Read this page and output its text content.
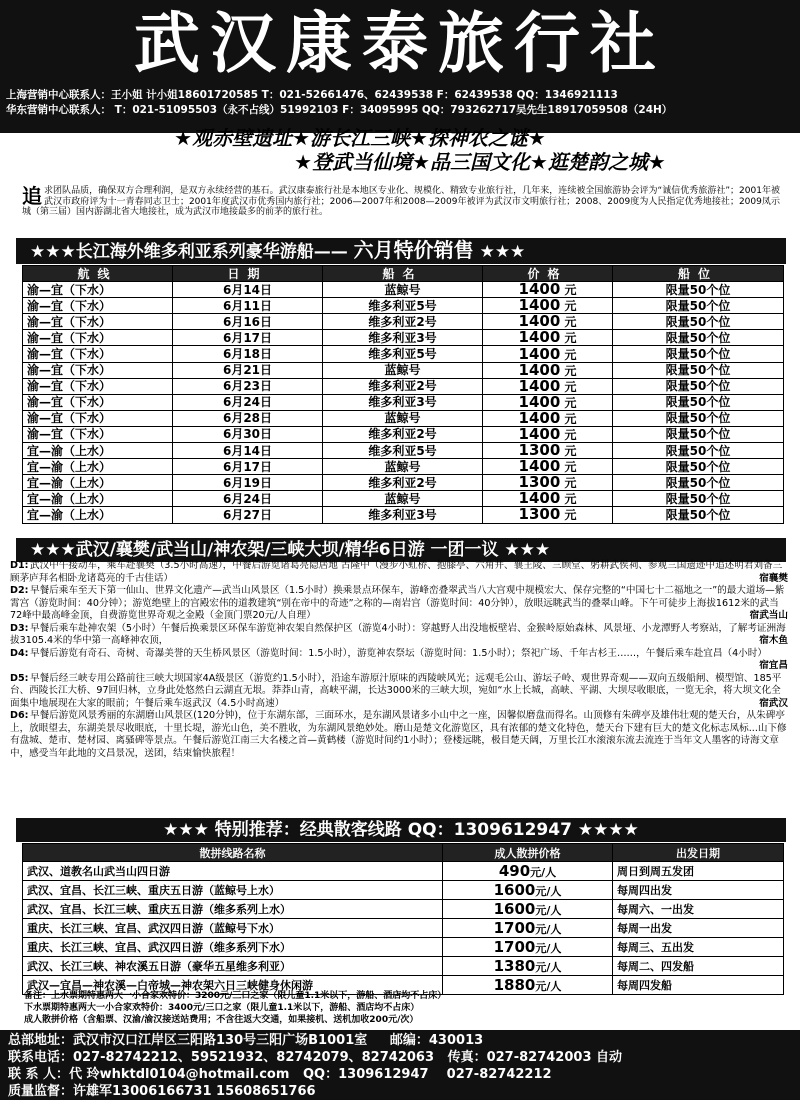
武汉康泰旅行社
上海营销中心联系人：王小姐 计小姐18601720585 T：021-52661476、62439538 F：62439538 QQ：1346921113
华东营销中心联系人： T：021-51095503（永不占线）51992103 F：34095995 QQ：793262717吴先生18917059508（24H）
★观赤壁遗址★游长江三峡★探神农之谜★
★登武当仙境★品三国文化★逛楚韵之城★
追求团队品质，确保双方合理利润，是双方永续经营的基石。武汉康泰旅行社是本地区专业化、规模化、精致专业旅行社，几年来，连续被全国旅游协会评为“诚信优秀旅游社”；2001年被武汉市政府评为十一青春同志卫士；2001年度武汉市优秀国内旅行社；2006—2007年和2008—2009年被评为武汉市文明旅行社；2008、2009度为人民指定优秀地接社；2009凤示城（第三届）国内游湖北省大地接社，成为武汉市地接最多的前茅的旅行社。
★★★长江海外维多利亚系列豪华游船—— 六月特价销售 ★★★
航线	日期	船名	价格	船位
渝—宜（下水）	6月14日	蓝鲸号	1400 元	限量50个位
渝—宜（下水）	6月11日	维多利亚5号	1400 元	限量50个位
渝—宜（下水）	6月16日	维多利亚2号	1400 元	限量50个位
渝—宜（下水）	6月17日	维多利亚3号	1400 元	限量50个位
渝—宜（下水）	6月18日	维多利亚5号	1400 元	限量50个位
渝—宜（下水）	6月21日	蓝鲸号	1400 元	限量50个位
渝—宜（下水）	6月23日	维多利亚2号	1400 元	限量50个位
渝—宜（下水）	6月24日	维多利亚3号	1400 元	限量50个位
渝—宜（下水）	6月28日	蓝鲸号	1400 元	限量50个位
渝—宜（下水）	6月30日	维多利亚2号	1400 元	限量50个位
宜—渝（上水）	6月14日	维多利亚5号	1300 元	限量50个位
宜—渝（上水）	6月17日	蓝鲸号	1400 元	限量50个位
宜—渝（上水）	6月19日	维多利亚2号	1300 元	限量50个位
宜—渝（上水）	6月24日	蓝鲸号	1400 元	限量50个位
宜—渝（上水）	6月27日	维多利亚3号	1300 元	限量50个位
★★★武汉/襄樊/武当山/神农架/三峡大坝/精华6日游 一团一议 ★★★
D1: 武汉中午接动车，乘车赴襄樊（3.5小时高速），中餐后游览诸葛亮隐居地 古隆中（漫步小虹桥、抱膝亭、六角井、襄王陵、三顾堂、躬耕武侯祠、参观三国遗迹中追述明君刘备三顾茅庐拜名相卧龙诸葛亮的千古佳话）	宿襄樊
D2: 早餐后乘车至天下第一仙山、世界文化遗产—武当山风景区（1.5小时）换乘景点环保车，游峰峦叠翠武当八大宫观中规模宏大、保存完整的“中国七十二福地之一”的最大道场—紫霄宫（游览时间：40分钟）；游览绝壁上的宫殿宏伟的道教建筑“别在帝中的奇迹”之称的—南岩宫（游览时间：40分钟），放眼远眺武当的叠翠山峰。下午可徒步上海拔1612米的武当72峰中最高峰金顶，自费游览世界奇观之金殿（金顶门票20元/人自理）	宿武当山
D3: 早餐后乘车赴神农架（5小时）午餐后换乘景区环保车游览神农架自然保护区（游览4小时）：穿越野人出没地板壁岩、金猴岭原始森林、风景垭、小龙潭野人考察站，了解考证洲海拔3105.4米的华中第一高峰神农顶，	宿木鱼
D4: 早餐后游览有奇石、奇树、奇瀑美誉的天生桥风景区（游览时间：1.5小时），游览神农祭坛（游览时间：1.5小时）；祭祀广场、千年古杉王……，午餐后乘车赴宜昌（4小时）
宿宜昌
D5: 早餐后经三峡专用公路前往三峡大坝国家4A级景区（游览约1.5小时），沿途车游原汁原味的西陵峡风光；远观毛公山、游坛子岭、观世界奇观——双向五级船闸、模型馆、185平台、西陵长江大桥、97回归林，立身此处悠然白云湖直无垠。莽莽山青，高峡平湖，长达3000米的三峡大坝，宛如“水上长城，高峡、平湖、大坝尽收眼底，一览无余，将大坝文化全面集中地展现在大家的眼前；午餐后乘车返武汉（4.5小时高速）	宿武汉
D6: 早餐后游览风景秀丽的东湖磨山风景区(120分钟)，位于东湖东部，三面环水，是东湖风景诸多小山中之一座，因馨似磨盘而得名。山顶修有朱碑亭及雄伟壮观的楚天台，从朱碑亭上，放眼望去，东湖美景尽收眼底，十里长堤，游光山色，美不胜收，为东湖风景绝妙处。磨山是楚文化游览区，具有浓郁的楚文化特色，楚天台下建有巨大的楚文化标志凤标...山下修有盘城、楚市、楚材园、离骚碑等景点。午餐后游览江南三大名楼之首—黄鹤楼（游览时间约1小时）；登楼远眺，极目楚天阔，万里长江水滚滚东流去流连于当年文人墨客的诗海文章中，感受当年此地的文昌景况，送团，结束愉快旅程！
★★★ 特别推荐：经典散客线路 QQ：1309612947 ★★★★
散拼线路名称	成人散拼价格	出发日期
武汉、道教名山武当山四日游	490元/人	周日到周五发团
武汉、宜昌、长江三峡、重庆五日游（蓝鲸号上水）	1600元/人	每周四出发
武汉、宜昌、长江三峡、重庆五日游（维多系列上水）	1600元/人	每周六、一出发
重庆、长江三峡、宜昌、武汉四日游（蓝鲸号下水）	1700元/人	每周一出发
重庆、长江三峡、宜昌、武汉四日游（维多系列下水）	1700元/人	每周三、五出发
武汉、长江三峡、神农溪五日游（豪华五星维多利亚）	1380元/人	每周二、四发船
武汉—宜昌—神农溪—白帝城—神农架六日三峡健身休闲游	1880元/人	每周四发船
备注：上水票期特惠两大一小合家欢特价：3200元/三口之家（限儿童1.1米以下，游船、酒店均不占床）
下水票期特惠两大一小合家欢特价：3400元/三口之家（限儿童1.1米以下，游船、酒店均不占床）
成人散拼价格（含船票、汉渝/渝汉接送站费用；不含往返大交通，如果接机、送机加收200元/次）
总部地址：武汉市汉口江岸区三阳路130号三阳广场B1001室 邮编：430013
联系电话：027-82742212、59521932、82742079、82742063 传真：027-82742003 自动
联 系 人：代 玲whktdl0104@hotmail.com QQ：1309612947 027-82742212
质量监督：许雄军13006166731 15608651766
